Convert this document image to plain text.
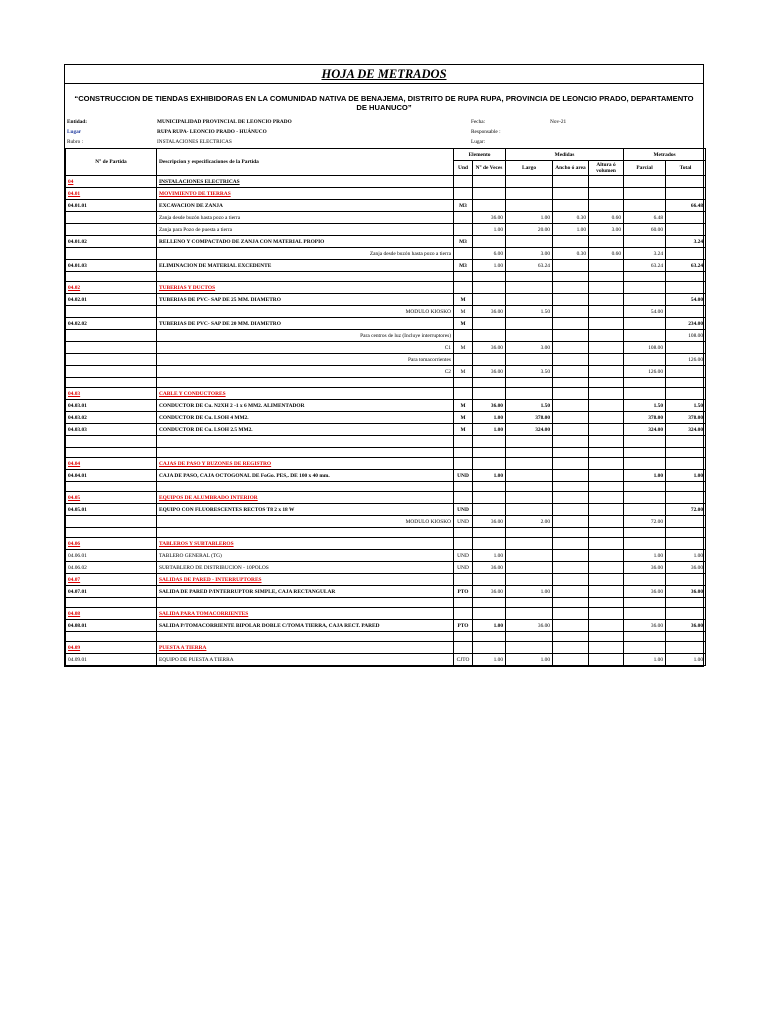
HOJA DE METRADOS
“CONSTRUCCION DE TIENDAS EXHIBIDORAS EN LA COMUNIDAD NATIVA DE BENAJEMA, DISTRITO DE RUPA RUPA, PROVINCIA DE LEONCIO PRADO, DEPARTAMENTO DE HUANUCO”
Entidad:	MUNICIPALIDAD PROVINCIAL DE LEONCIO PRADO
Lugar	RUPA RUPA- LEONCIO PRADO - HUÁNUCO
Rubro :	INSTALACIONES ELECTRICAS
Fecha:	Nov-21
Responsable :
Lugar:
N° de Partida	Descripcion y especificaciones de la Partida	Elemento		Medidas			Metrados	
		Und	N° de Veces	Largo	Ancho ó area	Altura ó volumen	Parcial	Total
04	INSTALACIONES ELECTRICAS							
04.01	MOVIMIENTO DE TIERRAS							
04.01.01	EXCAVACION DE ZANJA	M3						66.48
	Zanja desde buzón hasta pozo a tierra		36.00	1.00	0.30	0.60	6.48	
	Zanja para Pozo de puesta a tierra		1.00	20.00	1.00	3.00	60.00	
04.01.02	RELLENO Y COMPACTADO DE ZANJA CON MATERIAL PROPIO	M3						3.24
	Zanja desde buzón hasta pozo a tierra		6.00	3.00	0.30	0.60	3.24	
04.01.03	ELIMINACION DE MATERIAL EXCEDENTE	M3	1.00	63.24			63.24	63.24

04.02	TUBERIAS Y DUCTOS							
04.02.01	TUBERIAS DE PVC- SAP DE 25 MM. DIAMETRO	M						54.00
	MODULO KIOSKO	M	36.00	1.50			54.00	
04.02.02	TUBERIAS DE PVC- SAP DE 20 MM. DIAMETRO	M						234.00
	Para centros de luz (Incluye interruptores)							108.00
	C1	M	36.00	3.00			108.00	
	Para tomacorrientes							126.00
	C2	M	36.00	3.50			126.00	

04.03	CABLE Y CONDUCTORES							
04.03.01	CONDUCTOR DE Cu. N2XH 2 -1 x 6 MM2. ALIMENTADOR	M	36.00	1.50			1.50	1.50
04.03.02	CONDUCTOR DE Cu. LSOH 4 MM2.	M	1.00	378.00			378.00	378.00
04.03.03	CONDUCTOR DE Cu. LSOH 2.5 MM2.	M	1.00	324.00			324.00	324.00

04.04	CAJAS DE PASO Y BUZONES DE REGISTRO							
04.04.01	CAJA DE PASO, CAJA OCTOGONAL DE FoGo. PES,. DE 100 x 40 mm.	UND	1.00				1.00	1.00

04.05	EQUIPOS DE ALUMBRADO INTERIOR							
04.05.01	EQUIPO CON FLUORESCENTES RECTOS T8 2 x 18 W	UND						72.00
	MODULO KIOSKO	UND	36.00	2.00			72.00	

04.06	TABLEROS Y SUBTABLEROS							
04.06.01	TABLERO GENERAL (TG)	UND	1.00				1.00	1.00
04.06.02	SUBTABLERO DE DISTRIBUCION - 10POLOS	UND	36.00				36.00	36.00
04.07	SALIDAS DE PARED - INTERRUPTORES							
04.07.01	SALIDA DE PARED P/INTERRUPTOR SIMPLE, CAJA RECTANGULAR	PTO	36.00	1.00			36.00	36.00

04.08	SALIDA PARA TOMACORRIENTES							
04.08.01	SALIDA P/TOMACORRIENTE BIPOLAR DOBLE C/TOMA TIERRA, CAJA RECT. PARED	PTO	1.00	36.00			36.00	36.00

04.09	PUESTA A TIERRA							
04.09.01	EQUIPO DE PUESTA A TIERRA	CJTO	1.00	1.00			1.00	1.00
